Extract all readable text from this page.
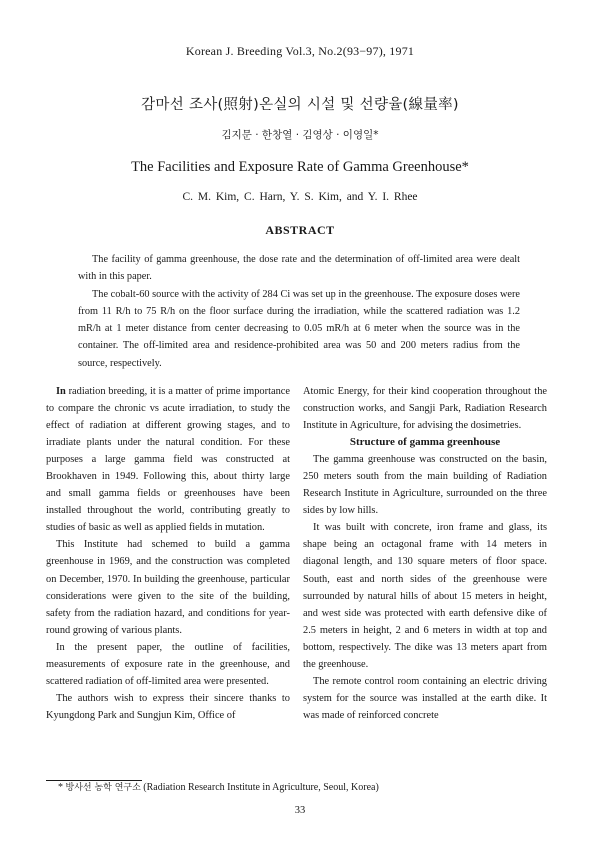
Korean J. Breeding Vol.3, No.2(93−97), 1971
감마선 조사(照射)온실의 시설 및 선량율(線量率)
김지문 · 한창열 · 김영상 · 이영일*
The Facilities and Exposure Rate of Gamma Greenhouse*
C. M. Kim, C. Harn, Y. S. Kim, and Y. I. Rhee
ABSTRACT

The facility of gamma greenhouse, the dose rate and the determination of off-limited area were dealt with in this paper.

The cobalt-60 source with the activity of 284 Ci was set up in the greenhouse. The exposure doses were from 11 R/h to 75 R/h on the floor surface during the irradiation, while the scattered radiation was 1.2 mR/h at 1 meter distance from center decreasing to 0.05 mR/h at 6 meter when the source was in the container. The off-limited area and residence-prohibited area was 50 and 200 meters radius from the source, respectively.

In radiation breeding, it is a matter of prime importance to compare the chronic vs acute irradiation, to study the effect of radiation at different growing stages, and to irradiate plants under the natural condition. For these purposes a large gamma field was constructed at Brookhaven in 1949. Following this, about thirty large and small gamma fields or greenhouses have been installed throughout the world, contributing greatly to studies of basic as well as applied fields in mutation.

This Institute had schemed to build a gamma greenhouse in 1969, and the construction was completed on December, 1970. In building the greenhouse, particular considerations were given to the site of the building, safety from the radiation hazard, and conditions for year-round growing of various plants.

In the present paper, the outline of facilities, measurements of exposure rate in the greenhouse, and scattered radiation of off-limited area were presented.

The authors wish to express their sincere thanks to Kyungdong Park and Sungjun Kim, Office of

Atomic Energy, for their kind cooperation throughout the construction works, and Sangji Park, Radiation Research Institute in Agriculture, for advising the dosimetries.

Structure of gamma greenhouse

The gamma greenhouse was constructed on the basin, 250 meters south from the main building of Radiation Research Institute in Agriculture, surrounded on the three sides by low hills.

It was built with concrete, iron frame and glass, its shape being an octagonal frame with 14 meters in diagonal length, and 130 square meters of floor space. South, east and north sides of the greenhouse were surrounded by natural hills of about 15 meters in height, and west side was protected with earth defensive dike of 2.5 meters in height, 2 and 6 meters in width at top and bottom, respectively. The dike was 13 meters apart from the greenhouse.

The remote control room containing an electric driving system for the source was installed at the earth dike. It was made of reinforced concrete

* 방사선 농학 연구소 (Radiation Research Institute in Agriculture, Seoul, Korea)
33
